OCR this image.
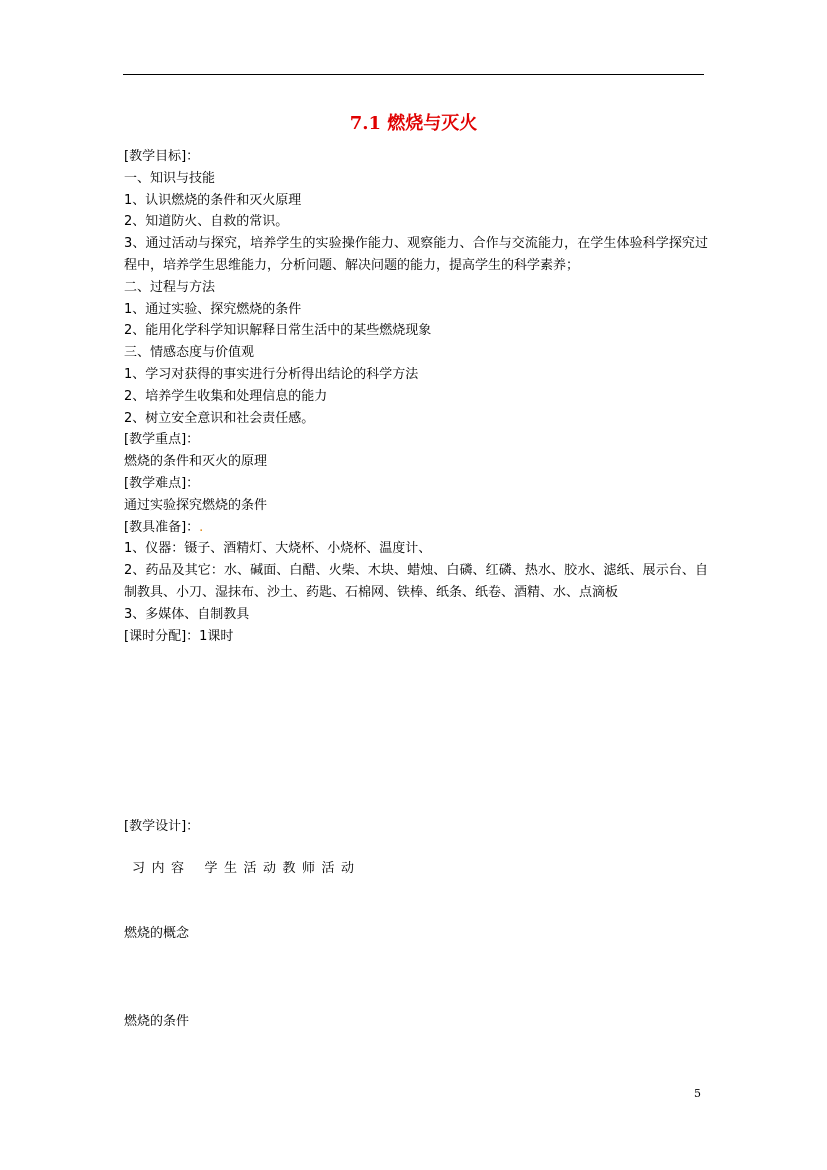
7.1 燃烧与灭火

[教学目标]：

一、知识与技能

1、认识燃烧的条件和灭火原理

2、知道防火、自救的常识。

3、通过活动与探究，培养学生的实验操作能力、观察能力、合作与交流能力，在学生体验科学探究过程中，培养学生思维能力，分析问题、解决问题的能力，提高学生的科学素养；

二、过程与方法

1、通过实验、探究燃烧的条件

2、能用化学科学知识解释日常生活中的某些燃烧现象

三、情感态度与价值观

1、学习对获得的事实进行分析得出结论的科学方法

2、培养学生收集和处理信息的能力

2、树立安全意识和社会责任感。

[教学重点]：

燃烧的条件和灭火的原理

[教学难点]：

通过实验探究燃烧的条件

[教具准备]：.

1、仪器：镊子、酒精灯、大烧杯、小烧杯、温度计、

2、药品及其它：水、碱面、白醋、火柴、木块、蜡烛、白磷、红磷、热水、胶水、滤纸、展示台、自制教具、小刀、湿抹布、沙土、药匙、石棉网、铁棒、纸条、纸卷、酒精、水、点滴板

3、多媒体、自制教具

[课时分配]：1课时

[教学设计]：
习内容 学生活动教师活动
燃烧的概念
燃烧的条件
5
